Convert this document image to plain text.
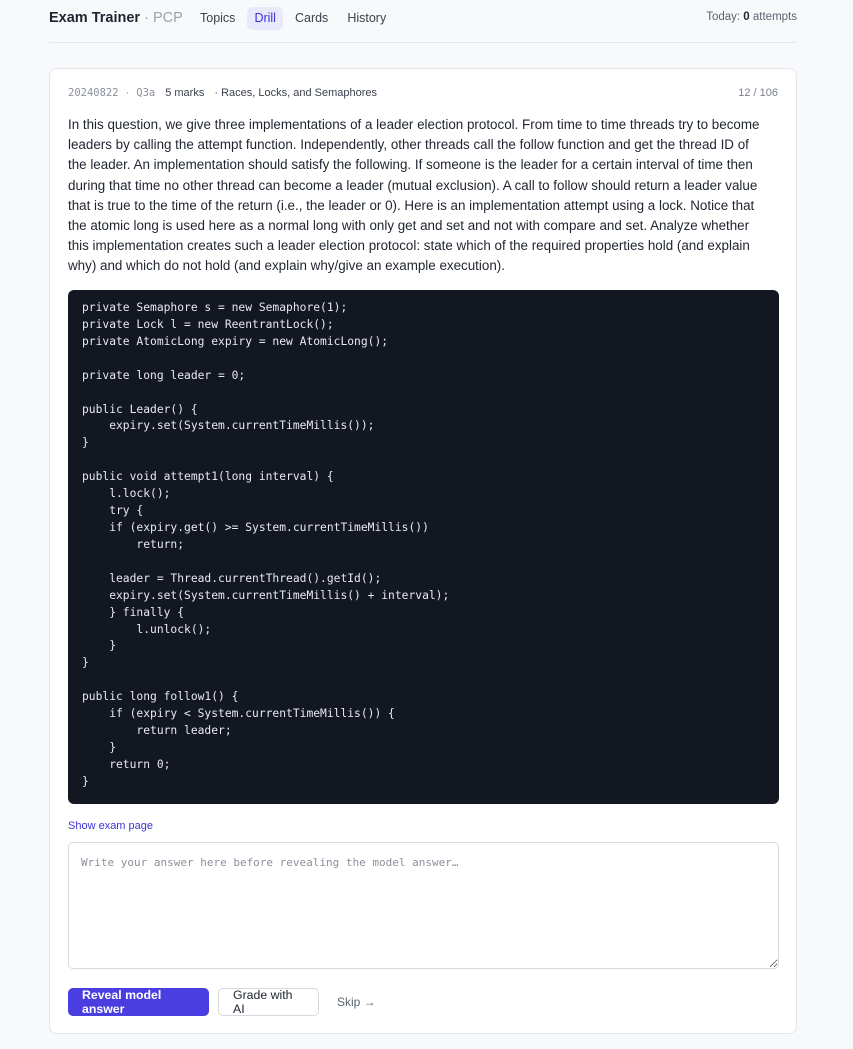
Exam Trainer · PCP	Topics	Drill	Cards	History	Today: 0 attempts
20240822 · Q3a 5 marks · Races, Locks, and Semaphores	12 / 106
In this question, we give three implementations of a leader election protocol. From time to time threads try to become leaders by calling the attempt function. Independently, other threads call the follow function and get the thread ID of the leader. An implementation should satisfy the following. If someone is the leader for a certain interval of time then during that time no other thread can become a leader (mutual exclusion). A call to follow should return a leader value that is true to the time of the return (i.e., the leader or 0). Here is an implementation attempt using a lock. Notice that the atomic long is used here as a normal long with only get and set and not with compare and set. Analyze whether this implementation creates such a leader election protocol: state which of the required properties hold (and explain why) and which do not hold (and explain why/give an example execution).
private Semaphore s = new Semaphore(1);
private Lock l = new ReentrantLock();
private AtomicLong expiry = new AtomicLong();

private long leader = 0;

public Leader() {
expiry.set(System.currentTimeMillis());
}

public void attempt1(long interval) {
l.lock();
try {
if (expiry.get() >= System.currentTimeMillis())
return;

leader = Thread.currentThread().getId();
expiry.set(System.currentTimeMillis() + interval);
} finally {
l.unlock();
}
}

public long follow1() {
if (expiry < System.currentTimeMillis()) {
return leader;
}
return 0;
}
Show exam page
Write your answer here before revealing the model answer…
Reveal model answer
Grade with AI	Skip →
